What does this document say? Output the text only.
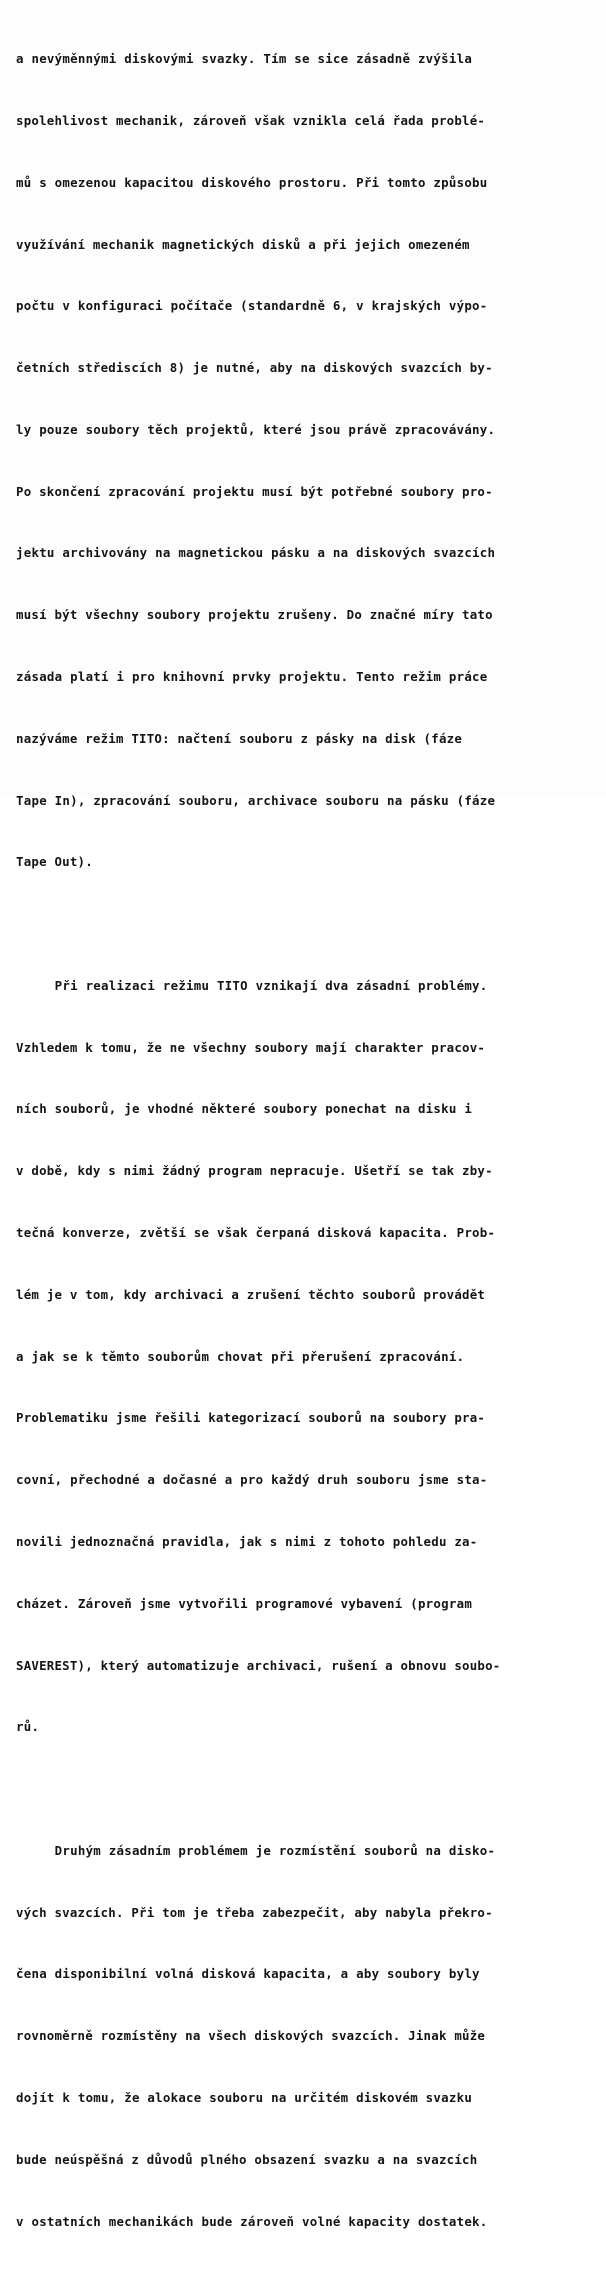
a nevýměnnými diskovými svazky. Tím se sice zásadně zvýšila

spolehlivost mechanik, zároveň však vznikla celá řada problé-

mů s omezenou kapacitou diskového prostoru. Při tomto způsobu

využívání mechanik magnetických disků a při jejich omezeném

počtu v konfiguraci počítače (standardně 6, v krajských výpo-

četních střediscích 8) je nutné, aby na diskových svazcích by-

ly pouze soubory těch projektů, které jsou právě zpracovávány.

Po skončení zpracování projektu musí být potřebné soubory pro-

jektu archivovány na magnetickou pásku a na diskových svazcích

musí být všechny soubory projektu zrušeny. Do značné míry tato

zásada platí i pro knihovní prvky projektu. Tento režim práce

nazýváme režim TITO: načtení souboru z pásky na disk (fáze

Tape In), zpracování souboru, archivace souboru na pásku (fáze

Tape Out).

Při realizaci režimu TITO vznikají dva zásadní problémy.

Vzhledem k tomu, že ne všechny soubory mají charakter pracov-

ních souborů, je vhodné některé soubory ponechat na disku i

v době, kdy s nimi žádný program nepracuje. Ušetří se tak zby-

tečná konverze, zvětší se však čerpaná disková kapacita. Prob-

lém je v tom, kdy archivaci a zrušení těchto souborů provádět

a jak se k těmto souborům chovat při přerušení zpracování.

Problematiku jsme řešili kategorizací souborů na soubory pra-

covní, přechodné a dočasné a pro každý druh souboru jsme sta-

novili jednoznačná pravidla, jak s nimi z tohoto pohledu za-

cházet. Zároveň jsme vytvořili programové vybavení (program

SAVEREST), který automatizuje archivaci, rušení a obnovu soubo-

rů.

Druhým zásadním problémem je rozmístění souborů na disko-

vých svazcích. Při tom je třeba zabezpečit, aby nabyla překro-

čena disponibilní volná disková kapacita, a aby soubory byly

rovnoměrně rozmístěny na všech diskových svazcích. Jinak může

dojít k tomu, že alokace souboru na určitém diskovém svazku

bude neúspěšná z důvodů plného obsazení svazku a na svazcích

v ostatních mechanikách bude zároveň volné kapacity dostatek.
